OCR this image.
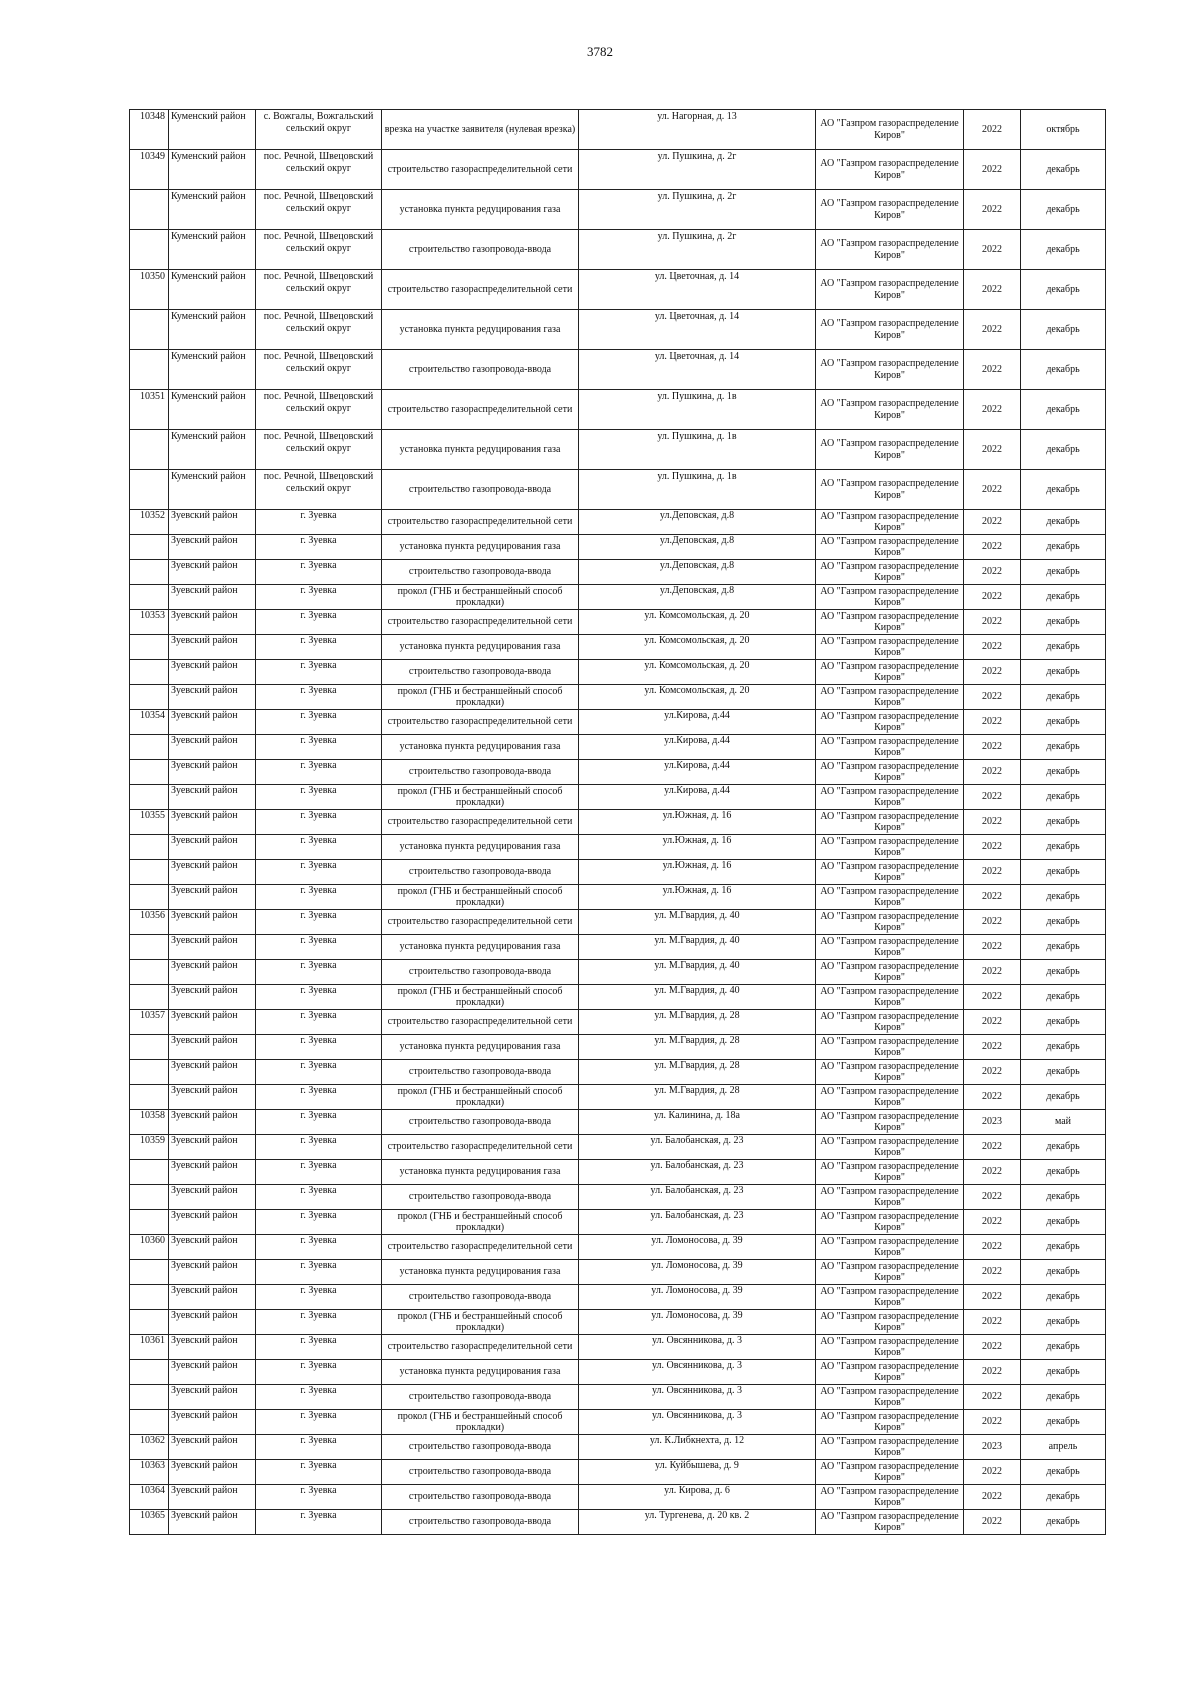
3782
10348	Куменский район	с. Вожгалы, Вожгальский сельский округ	врезка на участке заявителя (нулевая врезка)	ул. Нагорная, д. 13	АО "Газпром газораспределение Киров"	2022	октябрь
10349	Куменский район	пос. Речной, Швецовский сельский округ	строительство газораспределительной сети	ул. Пушкина, д. 2г	АО "Газпром газораспределение Киров"	2022	декабрь
	Куменский район	пос. Речной, Швецовский сельский округ	установка пункта редуцирования газа	ул. Пушкина, д. 2г	АО "Газпром газораспределение Киров"	2022	декабрь
	Куменский район	пос. Речной, Швецовский сельский округ	строительство газопровода-ввода	ул. Пушкина, д. 2г	АО "Газпром газораспределение Киров"	2022	декабрь
10350	Куменский район	пос. Речной, Швецовский сельский округ	строительство газораспределительной сети	ул. Цветочная, д. 14	АО "Газпром газораспределение Киров"	2022	декабрь
	Куменский район	пос. Речной, Швецовский сельский округ	установка пункта редуцирования газа	ул. Цветочная, д. 14	АО "Газпром газораспределение Киров"	2022	декабрь
	Куменский район	пос. Речной, Швецовский сельский округ	строительство газопровода-ввода	ул. Цветочная, д. 14	АО "Газпром газораспределение Киров"	2022	декабрь
10351	Куменский район	пос. Речной, Швецовский сельский округ	строительство газораспределительной сети	ул. Пушкина, д. 1в	АО "Газпром газораспределение Киров"	2022	декабрь
	Куменский район	пос. Речной, Швецовский сельский округ	установка пункта редуцирования газа	ул. Пушкина, д. 1в	АО "Газпром газораспределение Киров"	2022	декабрь
	Куменский район	пос. Речной, Швецовский сельский округ	строительство газопровода-ввода	ул. Пушкина, д. 1в	АО "Газпром газораспределение Киров"	2022	декабрь
10352	Зуевский район	г. Зуевка	строительство газораспределительной сети	ул.Деповская, д.8	АО "Газпром газораспределение Киров"	2022	декабрь
	Зуевский район	г. Зуевка	установка пункта редуцирования газа	ул.Деповская, д.8	АО "Газпром газораспределение Киров"	2022	декабрь
	Зуевский район	г. Зуевка	строительство газопровода-ввода	ул.Деповская, д.8	АО "Газпром газораспределение Киров"	2022	декабрь
	Зуевский район	г. Зуевка	прокол (ГНБ и бестраншейный способ прокладки)	ул.Деповская, д.8	АО "Газпром газораспределение Киров"	2022	декабрь
10353	Зуевский район	г. Зуевка	строительство газораспределительной сети	ул. Комсомольская, д. 20	АО "Газпром газораспределение Киров"	2022	декабрь
	Зуевский район	г. Зуевка	установка пункта редуцирования газа	ул. Комсомольская, д. 20	АО "Газпром газораспределение Киров"	2022	декабрь
	Зуевский район	г. Зуевка	строительство газопровода-ввода	ул. Комсомольская, д. 20	АО "Газпром газораспределение Киров"	2022	декабрь
	Зуевский район	г. Зуевка	прокол (ГНБ и бестраншейный способ прокладки)	ул. Комсомольская, д. 20	АО "Газпром газораспределение Киров"	2022	декабрь
10354	Зуевский район	г. Зуевка	строительство газораспределительной сети	ул.Кирова, д.44	АО "Газпром газораспределение Киров"	2022	декабрь
	Зуевский район	г. Зуевка	установка пункта редуцирования газа	ул.Кирова, д.44	АО "Газпром газораспределение Киров"	2022	декабрь
	Зуевский район	г. Зуевка	строительство газопровода-ввода	ул.Кирова, д.44	АО "Газпром газораспределение Киров"	2022	декабрь
	Зуевский район	г. Зуевка	прокол (ГНБ и бестраншейный способ прокладки)	ул.Кирова, д.44	АО "Газпром газораспределение Киров"	2022	декабрь
10355	Зуевский район	г. Зуевка	строительство газораспределительной сети	ул.Южная, д. 16	АО "Газпром газораспределение Киров"	2022	декабрь
	Зуевский район	г. Зуевка	установка пункта редуцирования газа	ул.Южная, д. 16	АО "Газпром газораспределение Киров"	2022	декабрь
	Зуевский район	г. Зуевка	строительство газопровода-ввода	ул.Южная, д. 16	АО "Газпром газораспределение Киров"	2022	декабрь
	Зуевский район	г. Зуевка	прокол (ГНБ и бестраншейный способ прокладки)	ул.Южная, д. 16	АО "Газпром газораспределение Киров"	2022	декабрь
10356	Зуевский район	г. Зуевка	строительство газораспределительной сети	ул. М.Гвардия, д. 40	АО "Газпром газораспределение Киров"	2022	декабрь
	Зуевский район	г. Зуевка	установка пункта редуцирования газа	ул. М.Гвардия, д. 40	АО "Газпром газораспределение Киров"	2022	декабрь
	Зуевский район	г. Зуевка	строительство газопровода-ввода	ул. М.Гвардия, д. 40	АО "Газпром газораспределение Киров"	2022	декабрь
	Зуевский район	г. Зуевка	прокол (ГНБ и бестраншейный способ прокладки)	ул. М.Гвардия, д. 40	АО "Газпром газораспределение Киров"	2022	декабрь
10357	Зуевский район	г. Зуевка	строительство газораспределительной сети	ул. М.Гвардия, д. 28	АО "Газпром газораспределение Киров"	2022	декабрь
	Зуевский район	г. Зуевка	установка пункта редуцирования газа	ул. М.Гвардия, д. 28	АО "Газпром газораспределение Киров"	2022	декабрь
	Зуевский район	г. Зуевка	строительство газопровода-ввода	ул. М.Гвардия, д. 28	АО "Газпром газораспределение Киров"	2022	декабрь
	Зуевский район	г. Зуевка	прокол (ГНБ и бестраншейный способ прокладки)	ул. М.Гвардия, д. 28	АО "Газпром газораспределение Киров"	2022	декабрь
10358	Зуевский район	г. Зуевка	строительство газопровода-ввода	ул. Калинина, д. 18а	АО "Газпром газораспределение Киров"	2023	май
10359	Зуевский район	г. Зуевка	строительство газораспределительной сети	ул. Балобанская, д. 23	АО "Газпром газораспределение Киров"	2022	декабрь
	Зуевский район	г. Зуевка	установка пункта редуцирования газа	ул. Балобанская, д. 23	АО "Газпром газораспределение Киров"	2022	декабрь
	Зуевский район	г. Зуевка	строительство газопровода-ввода	ул. Балобанская, д. 23	АО "Газпром газораспределение Киров"	2022	декабрь
	Зуевский район	г. Зуевка	прокол (ГНБ и бестраншейный способ прокладки)	ул. Балобанская, д. 23	АО "Газпром газораспределение Киров"	2022	декабрь
10360	Зуевский район	г. Зуевка	строительство газораспределительной сети	ул. Ломоносова, д. 39	АО "Газпром газораспределение Киров"	2022	декабрь
	Зуевский район	г. Зуевка	установка пункта редуцирования газа	ул. Ломоносова, д. 39	АО "Газпром газораспределение Киров"	2022	декабрь
	Зуевский район	г. Зуевка	строительство газопровода-ввода	ул. Ломоносова, д. 39	АО "Газпром газораспределение Киров"	2022	декабрь
	Зуевский район	г. Зуевка	прокол (ГНБ и бестраншейный способ прокладки)	ул. Ломоносова, д. 39	АО "Газпром газораспределение Киров"	2022	декабрь
10361	Зуевский район	г. Зуевка	строительство газораспределительной сети	ул. Овсянникова, д. 3	АО "Газпром газораспределение Киров"	2022	декабрь
	Зуевский район	г. Зуевка	установка пункта редуцирования газа	ул. Овсянникова, д. 3	АО "Газпром газораспределение Киров"	2022	декабрь
	Зуевский район	г. Зуевка	строительство газопровода-ввода	ул. Овсянникова, д. 3	АО "Газпром газораспределение Киров"	2022	декабрь
	Зуевский район	г. Зуевка	прокол (ГНБ и бестраншейный способ прокладки)	ул. Овсянникова, д. 3	АО "Газпром газораспределение Киров"	2022	декабрь
10362	Зуевский район	г. Зуевка	строительство газопровода-ввода	ул. К.Либкнехта, д. 12	АО "Газпром газораспределение Киров"	2023	апрель
10363	Зуевский район	г. Зуевка	строительство газопровода-ввода	ул. Куйбышева, д. 9	АО "Газпром газораспределение Киров"	2022	декабрь
10364	Зуевский район	г. Зуевка	строительство газопровода-ввода	ул. Кирова, д. 6	АО "Газпром газораспределение Киров"	2022	декабрь
10365	Зуевский район	г. Зуевка	строительство газопровода-ввода	ул. Тургенева, д. 20 кв. 2	АО "Газпром газораспределение Киров"	2022	декабрь
